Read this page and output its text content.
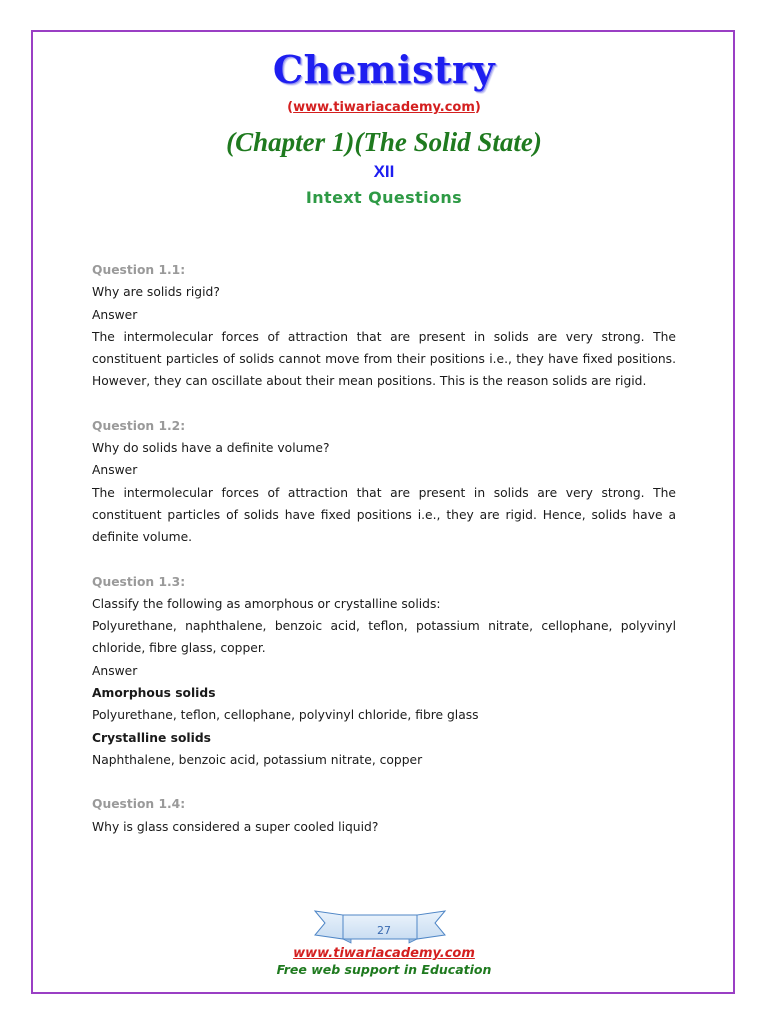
Chemistry
(www.tiwariacademy.com)
(Chapter 1)(The Solid State)
XII
Intext Questions
Question 1.1:
Why are solids rigid?
Answer
The intermolecular forces of attraction that are present in solids are very strong. The constituent particles of solids cannot move from their positions i.e., they have fixed positions. However, they can oscillate about their mean positions. This is the reason solids are rigid.
Question 1.2:
Why do solids have a definite volume?
Answer
The intermolecular forces of attraction that are present in solids are very strong. The constituent particles of solids have fixed positions i.e., they are rigid. Hence, solids have a definite volume.
Question 1.3:
Classify the following as amorphous or crystalline solids:
Polyurethane, naphthalene, benzoic acid, teflon, potassium nitrate, cellophane, polyvinyl chloride, fibre glass, copper.
Answer
Amorphous solids
Polyurethane, teflon, cellophane, polyvinyl chloride, fibre glass
Crystalline solids
Naphthalene, benzoic acid, potassium nitrate, copper
Question 1.4:
Why is glass considered a super cooled liquid?
27
www.tiwariacademy.com
Free web support in Education
